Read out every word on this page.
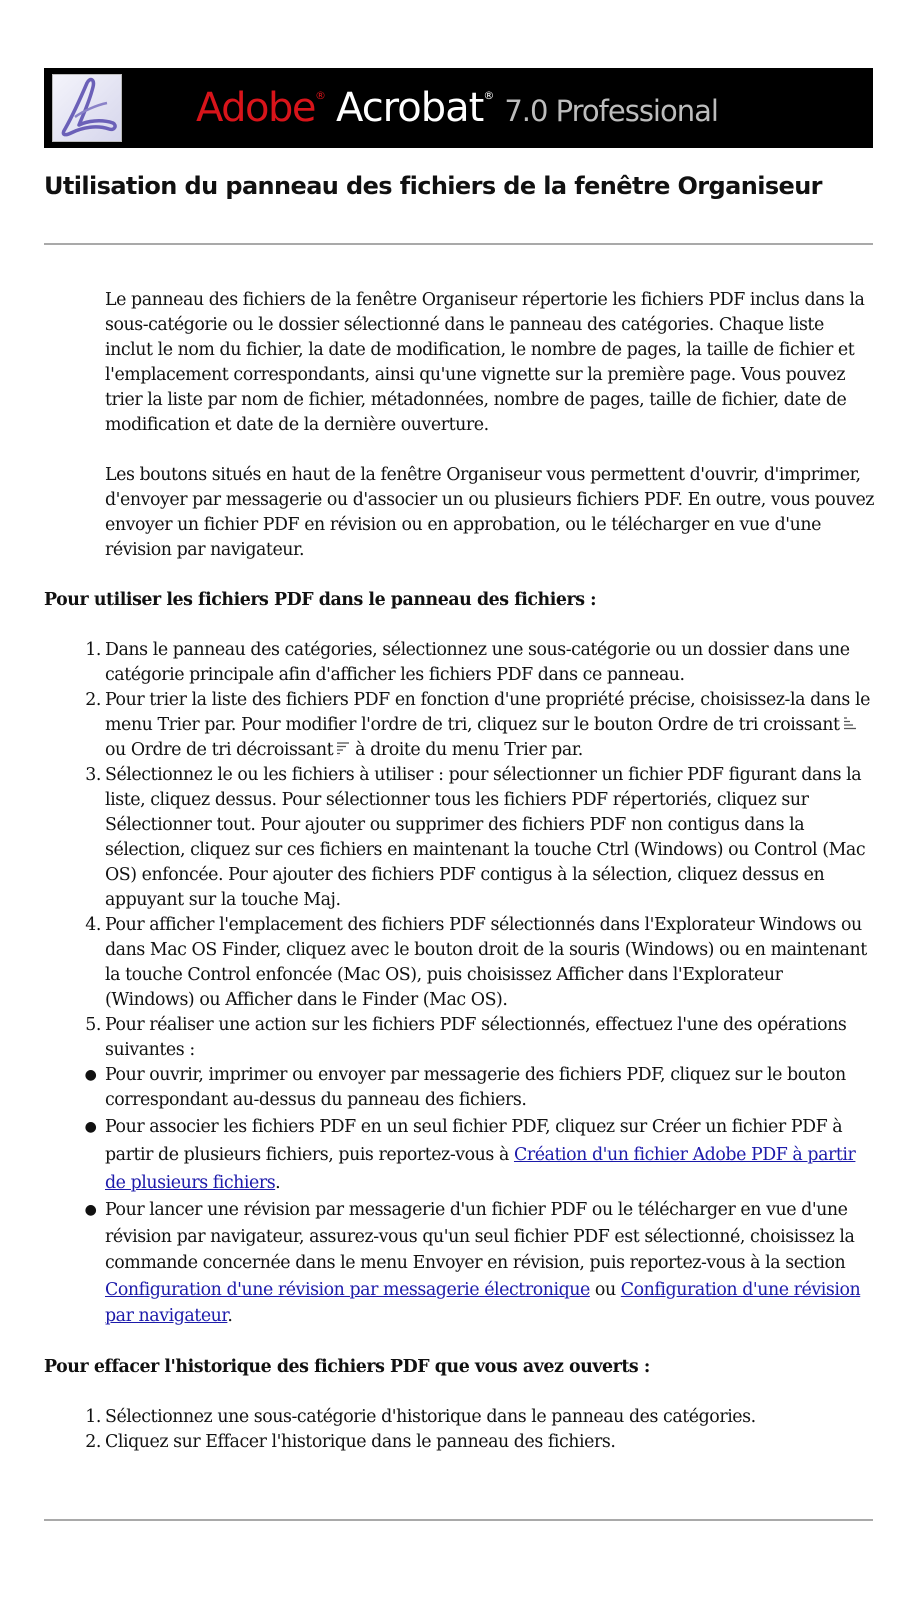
Adobe ® Acrobat ® 7.0 Professional
Utilisation du panneau des fichiers de la fenêtre Organiseur

Le panneau des fichiers de la fenêtre Organiseur répertorie les fichiers PDF inclus dans la sous-catégorie ou le dossier sélectionné dans le panneau des catégories. Chaque liste inclut le nom du fichier, la date de modification, le nombre de pages, la taille de fichier et l'emplacement correspondants, ainsi qu'une vignette sur la première page. Vous pouvez trier la liste par nom de fichier, métadonnées, nombre de pages, taille de fichier, date de modification et date de la dernière ouverture.

Les boutons situés en haut de la fenêtre Organiseur vous permettent d'ouvrir, d'imprimer, d'envoyer par messagerie ou d'associer un ou plusieurs fichiers PDF. En outre, vous pouvez envoyer un fichier PDF en révision ou en approbation, ou le télécharger en vue d'une révision par navigateur.

Pour utiliser les fichiers PDF dans le panneau des fichiers :

1. Dans le panneau des catégories, sélectionnez une sous-catégorie ou un dossier dans une catégorie principale afin d'afficher les fichiers PDF dans ce panneau.
2. Pour trier la liste des fichiers PDF en fonction d'une propriété précise, choisissez-la dans le menu Trier par. Pour modifier l'ordre de tri, cliquez sur le bouton Ordre de tri croissantou Ordre de tri décroissant à droite du menu Trier par.
3. Sélectionnez le ou les fichiers à utiliser : pour sélectionner un fichier PDF figurant dans la liste, cliquez dessus. Pour sélectionner tous les fichiers PDF répertoriés, cliquez sur Sélectionner tout. Pour ajouter ou supprimer des fichiers PDF non contigus dans la sélection, cliquez sur ces fichiers en maintenant la touche Ctrl (Windows) ou Control (Mac OS) enfoncée. Pour ajouter des fichiers PDF contigus à la sélection, cliquez dessus en appuyant sur la touche Maj.
4. Pour afficher l'emplacement des fichiers PDF sélectionnés dans l'Explorateur Windows ou dans Mac OS Finder, cliquez avec le bouton droit de la souris (Windows) ou en maintenant la touche Control enfoncée (Mac OS), puis choisissez Afficher dans l'Explorateur (Windows) ou Afficher dans le Finder (Mac OS).
5. Pour réaliser une action sur les fichiers PDF sélectionnés, effectuez l'une des opérations suivantes :
● Pour ouvrir, imprimer ou envoyer par messagerie des fichiers PDF, cliquez sur le bouton correspondant au-dessus du panneau des fichiers.
● Pour associer les fichiers PDF en un seul fichier PDF, cliquez sur Créer un fichier PDF à partir de plusieurs fichiers, puis reportez-vous à Création d'un fichier Adobe PDF à partir de plusieurs fichiers.
● Pour lancer une révision par messagerie d'un fichier PDF ou le télécharger en vue d'une révision par navigateur, assurez-vous qu'un seul fichier PDF est sélectionné, choisissez la commande concernée dans le menu Envoyer en révision, puis reportez-vous à la section Configuration d'une révision par messagerie électronique ou Configuration d'une révision par navigateur.

Pour effacer l'historique des fichiers PDF que vous avez ouverts :

1. Sélectionnez une sous-catégorie d'historique dans le panneau des catégories.
2. Cliquez sur Effacer l'historique dans le panneau des fichiers.
